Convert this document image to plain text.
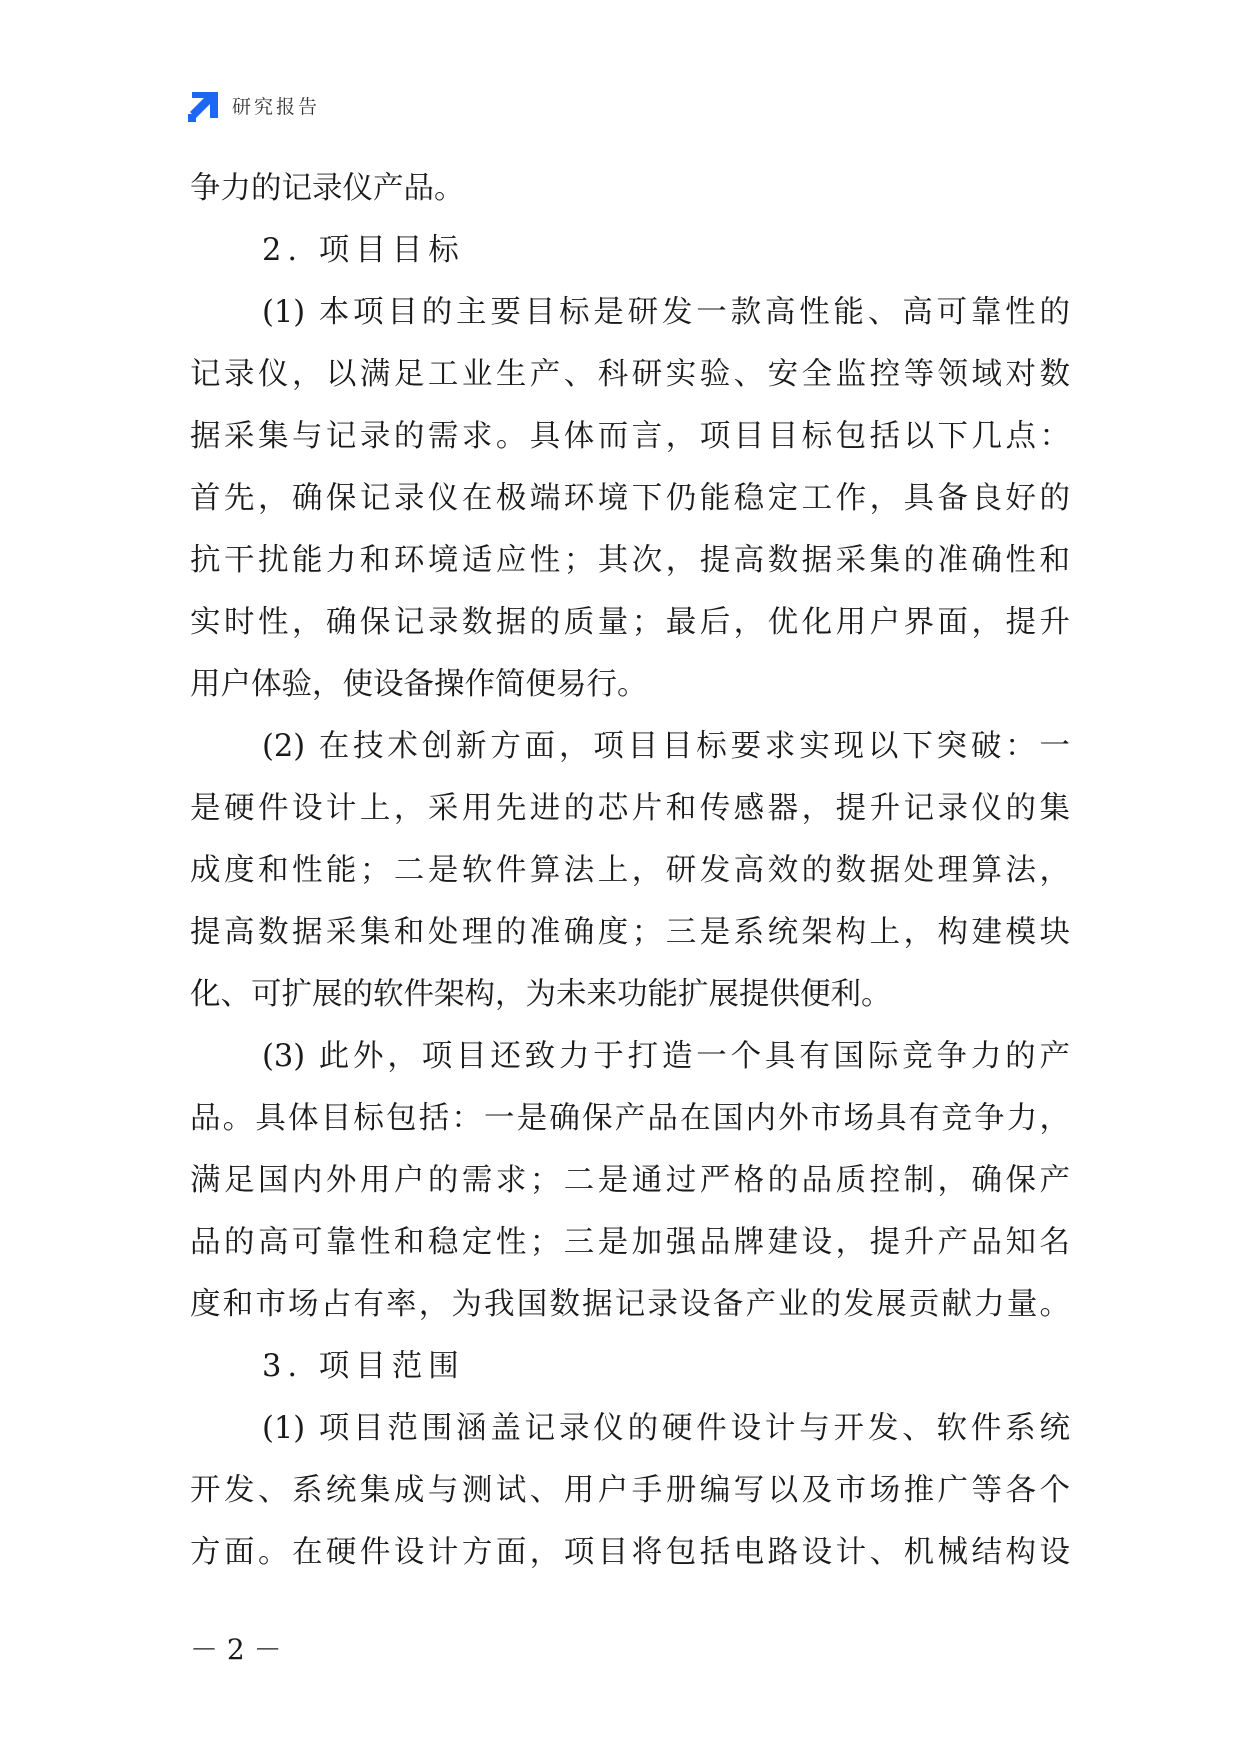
研究报告
争力的记录仪产品。
2. 项目目标
(1) 本项目的主要目标是研发一款高性能、高可靠性的
记录仪，以满足工业生产、科研实验、安全监控等领域对数
据采集与记录的需求。具体而言，项目目标包括以下几点：
首先，确保记录仪在极端环境下仍能稳定工作，具备良好的
抗干扰能力和环境适应性；其次，提高数据采集的准确性和
实时性，确保记录数据的质量；最后，优化用户界面，提升
用户体验，使设备操作简便易行。
(2) 在技术创新方面，项目目标要求实现以下突破：一
是硬件设计上，采用先进的芯片和传感器，提升记录仪的集
成度和性能；二是软件算法上，研发高效的数据处理算法，
提高数据采集和处理的准确度；三是系统架构上，构建模块
化、可扩展的软件架构，为未来功能扩展提供便利。
(3) 此外，项目还致力于打造一个具有国际竞争力的产
品。具体目标包括：一是确保产品在国内外市场具有竞争力，
满足国内外用户的需求；二是通过严格的品质控制，确保产
品的高可靠性和稳定性；三是加强品牌建设，提升产品知名
度和市场占有率，为我国数据记录设备产业的发展贡献力量。
3. 项目范围
(1) 项目范围涵盖记录仪的硬件设计与开发、软件系统
开发、系统集成与测试、用户手册编写以及市场推广等各个
方面。在硬件设计方面，项目将包括电路设计、机械结构设
－ 2 －
